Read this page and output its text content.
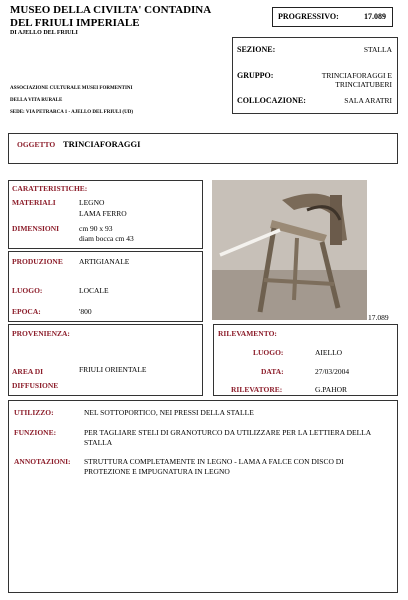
MUSEO DELLA CIVILTA' CONTADINA
DEL FRIULI IMPERIALE
DI AJELLO DEL FRIULI
ASSOCIAZIONE CULTURALE MUSEI FORMENTINI
DELLA VITA RURALE
SEDE: VIA PETRARCA 1 - AJELLO DEL FRIULI (UD)
PROGRESSIVO:	17.089
SEZIONE:	STALLA
GRUPPO:	TRINCIAFORAGGI E TRINCIATUBERI
COLLOCAZIONE:	SALA ARATRI
OGGETTO TRINCIAFORAGGI
CARATTERISTICHE:
MATERIALI	LEGNO
LAMA FERRO
DIMENSIONI	cm 90 x 93
diam bocca cm 43
PRODUZIONE ARTIGIANALE
LUOGO:	LOCALE
EPOCA:	'800
17.089
PROVENIENZA:
AREA DI DIFFUSIONE
FRIULI ORIENTALE
RILEVAMENTO:
LUOGO:	AIELLO
DATA:	27/03/2004
RILEVATORE:	G.PAHOR
UTILIZZO:	NEL SOTTOPORTICO, NEI PRESSI DELLA STALLE
FUNZIONE:	PER TAGLIARE STELI DI GRANOTURCO DA UTILIZZARE PER LA LETTIERA DELLA STALLA
ANNOTAZIONI: STRUTTURA COMPLETAMENTE IN LEGNO - LAMA A FALCE CON DISCO DI PROTEZIONE E IMPUGNATURA IN LEGNO
